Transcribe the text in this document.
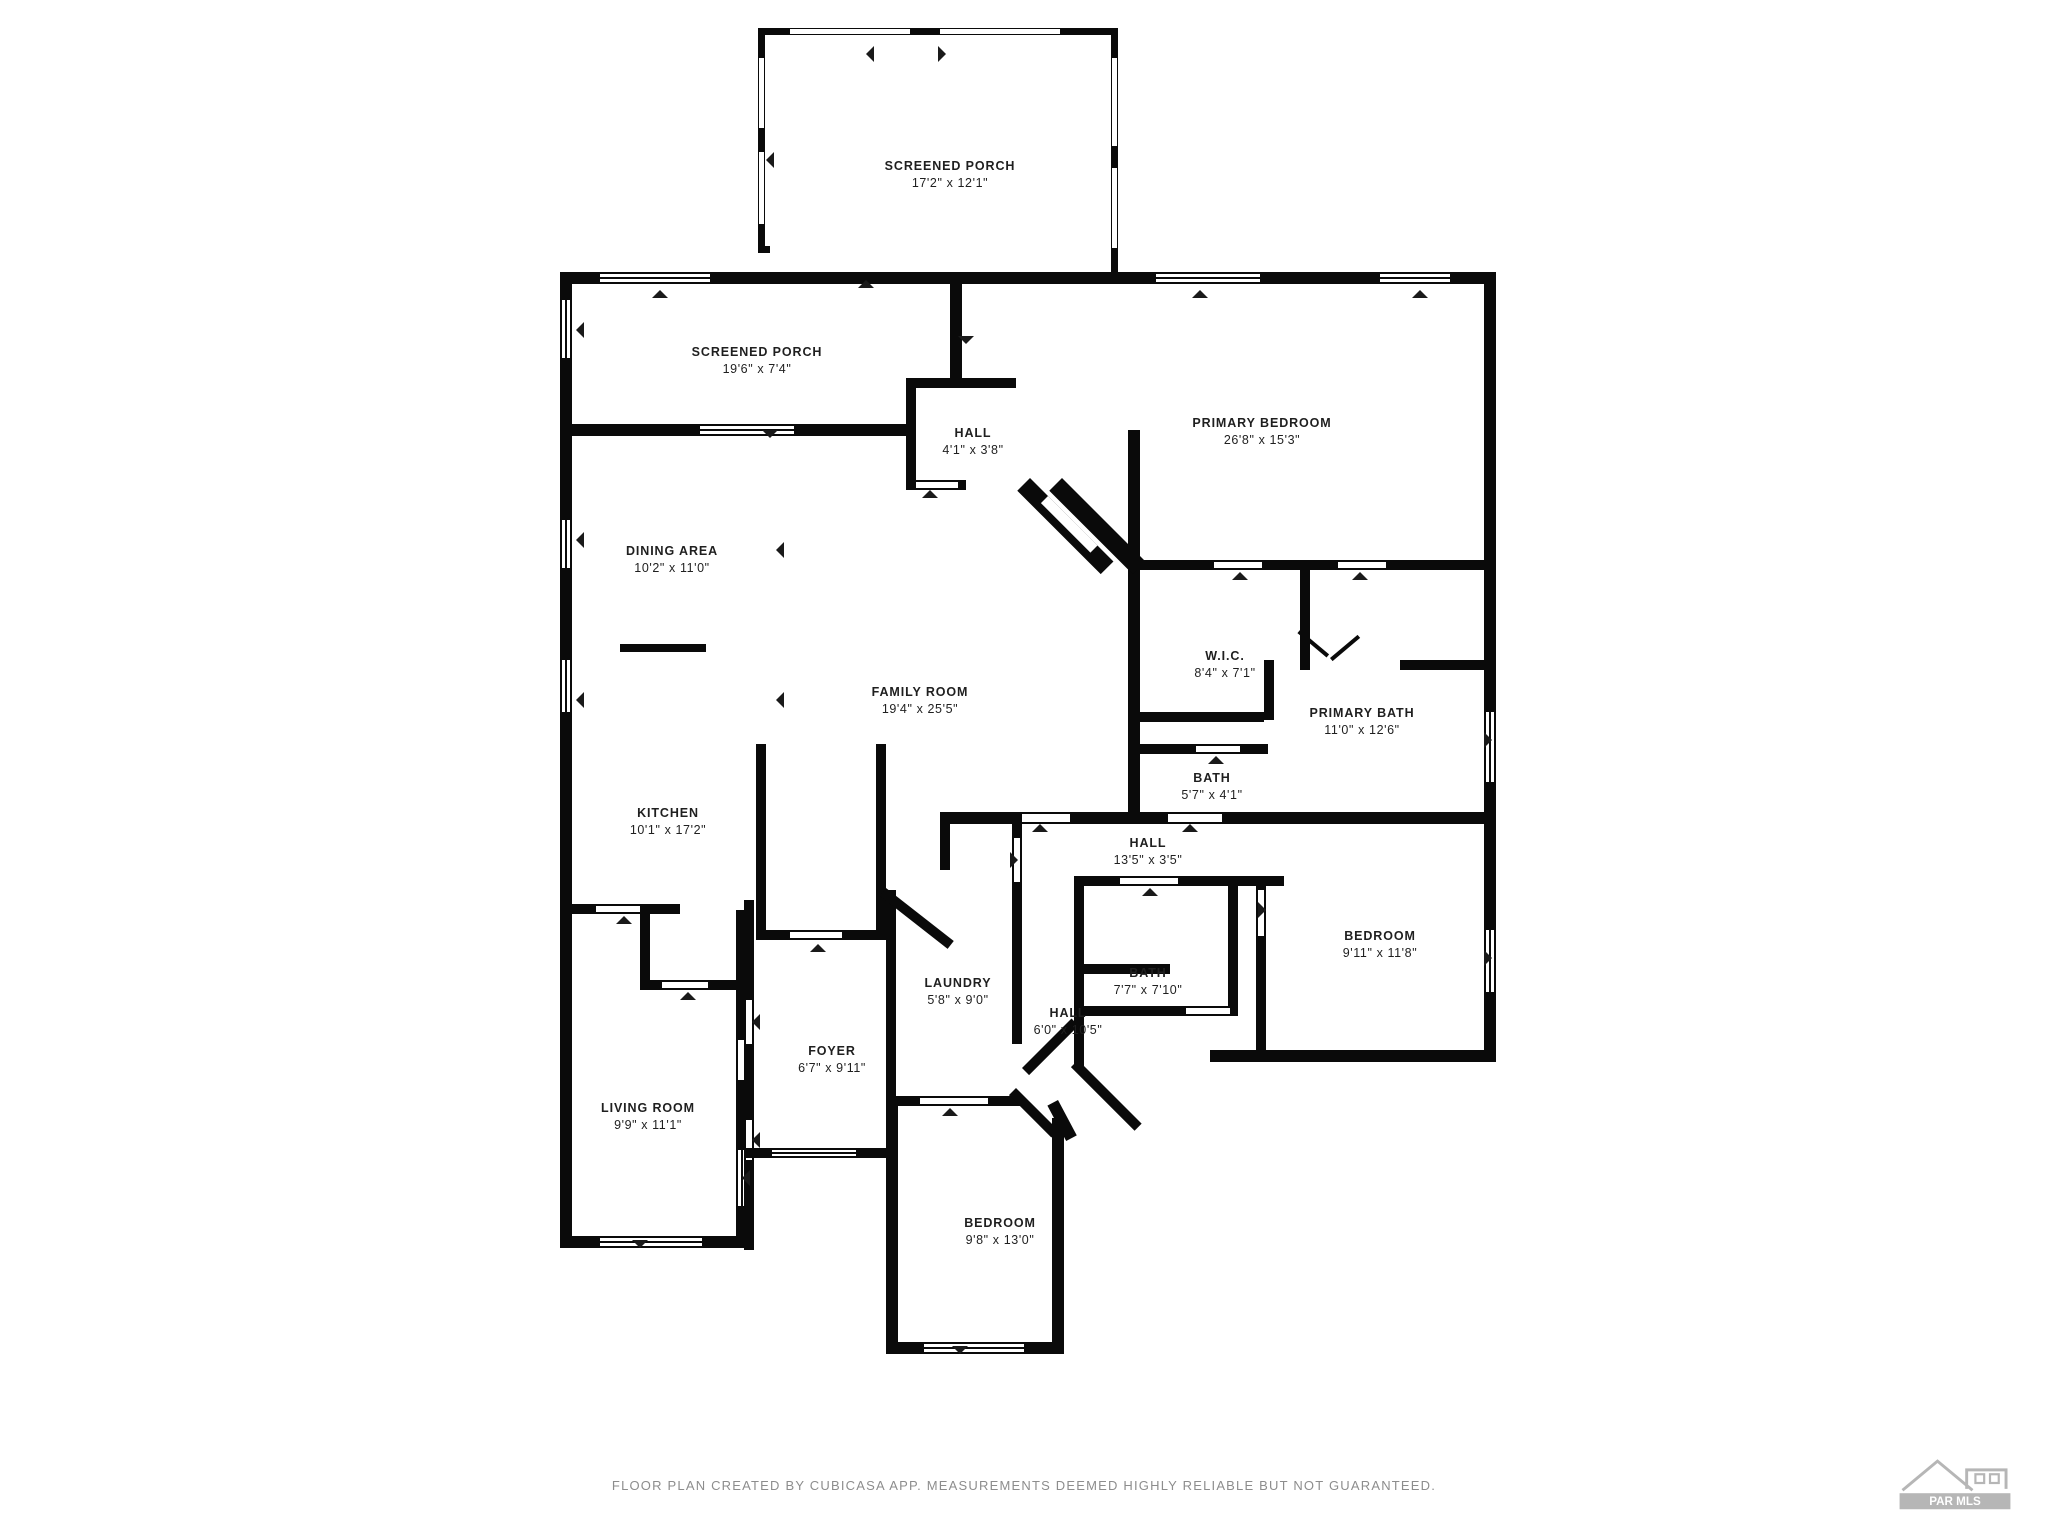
SCREENED PORCH
17'2" x 12'1"
SCREENED PORCH
19'6" x 7'4"
PRIMARY BEDROOM
26'8" x 15'3"
HALL
4'1" x 3'8"
DINING AREA
10'2" x 11'0"
W.I.C.
8'4" x 7'1"
FAMILY ROOM
19'4" x 25'5"	PRIMARY BATH
11'0" x 12'6"
BATH
5'7" x 4'1"
KITCHEN
10'1" x 17'2"
HALL
13'5" x 3'5"
BEDROOM
9'11" x 11'8"
BATH
7'7" x 7'10"
LAUNDRY
5'8" x 9'0"
HALL
6'0" x 10'5"
FOYER
6'7" x 9'11"
LIVING ROOM
9'9" x 11'1"
BEDROOM
9'8" x 13'0"
FLOOR PLAN CREATED BY CUBICASA APP. MEASUREMENTS DEEMED HIGHLY RELIABLE BUT NOT GUARANTEED.
PAR MLS
